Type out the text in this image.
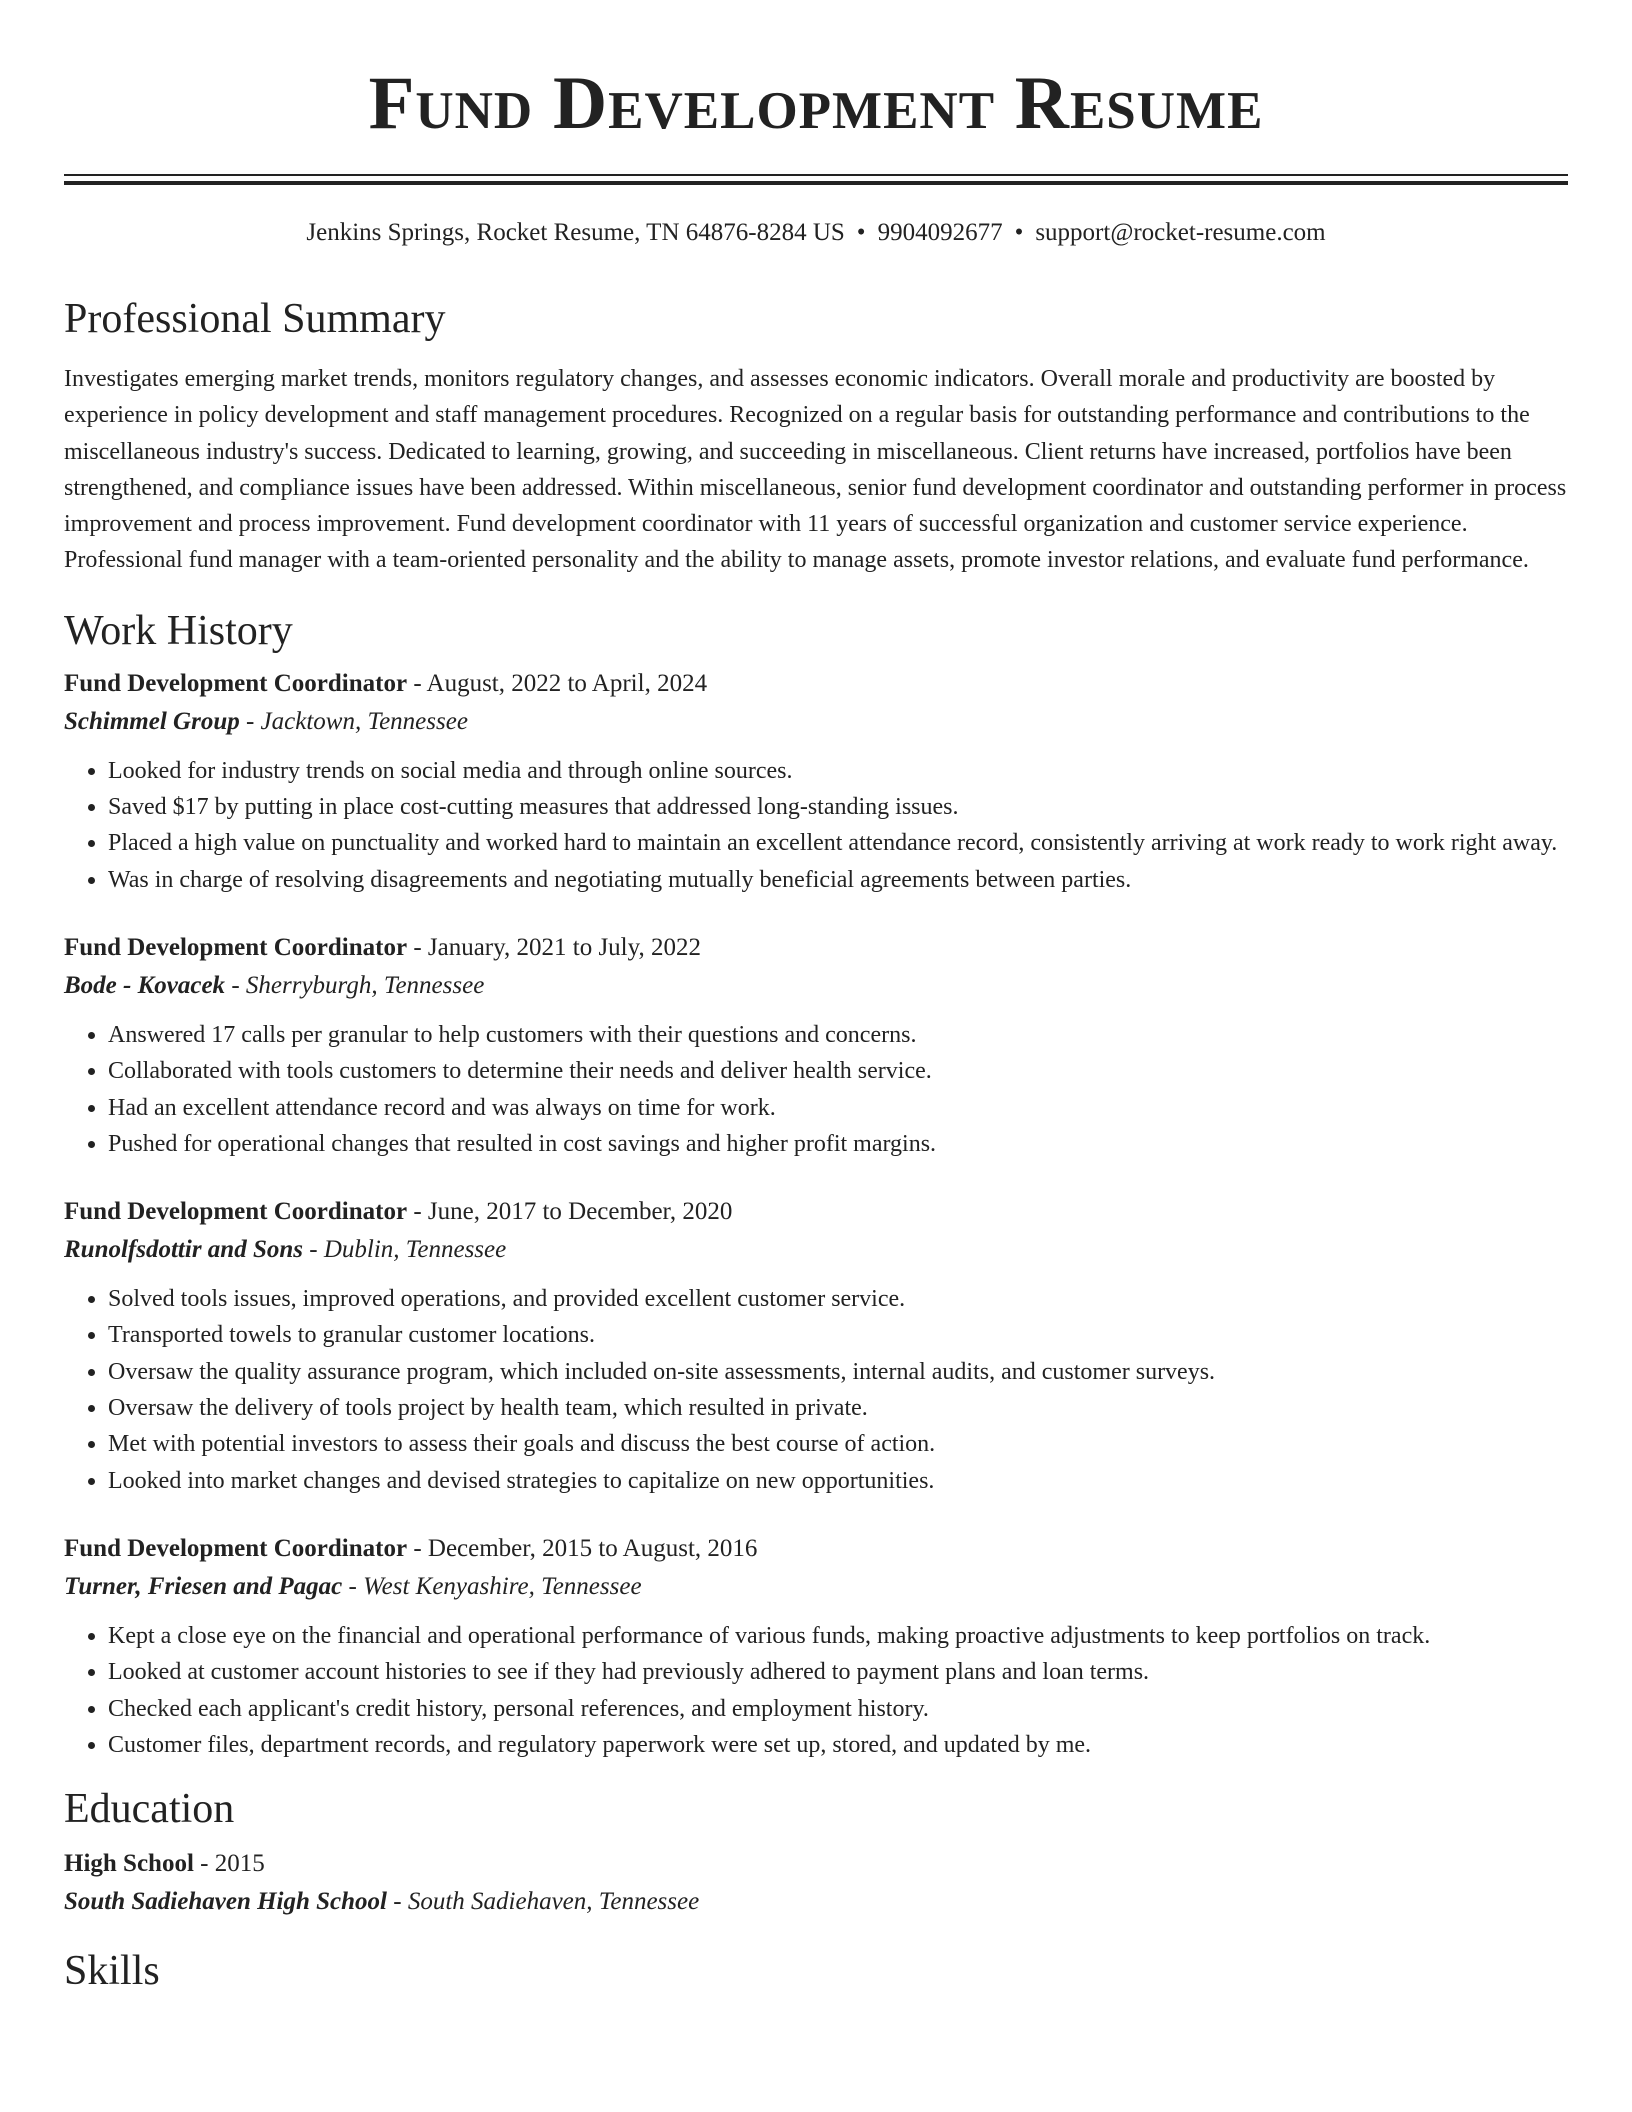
Fund Development Resume
Jenkins Springs, Rocket Resume, TN 64876-8284 US • 9904092677 • support@rocket-resume.com
Professional Summary

Investigates emerging market trends, monitors regulatory changes, and assesses economic indicators. Overall morale and productivity are boosted by experience in policy development and staff management procedures. Recognized on a regular basis for outstanding performance and contributions to the miscellaneous industry's success. Dedicated to learning, growing, and succeeding in miscellaneous. Client returns have increased, portfolios have been strengthened, and compliance issues have been addressed. Within miscellaneous, senior fund development coordinator and outstanding performer in process improvement and process improvement. Fund development coordinator with 11 years of successful organization and customer service experience. Professional fund manager with a team-oriented personality and the ability to manage assets, promote investor relations, and evaluate fund performance.

Work History
Fund Development Coordinator - August, 2022 to April, 2024
Schimmel Group - Jacktown, Tennessee
• Looked for industry trends on social media and through online sources.
• Saved $17 by putting in place cost-cutting measures that addressed long-standing issues.
• Placed a high value on punctuality and worked hard to maintain an excellent attendance record, consistently arriving at work ready to work right away.
• Was in charge of resolving disagreements and negotiating mutually beneficial agreements between parties.
Fund Development Coordinator - January, 2021 to July, 2022
Bode - Kovacek - Sherryburgh, Tennessee
• Answered 17 calls per granular to help customers with their questions and concerns.
• Collaborated with tools customers to determine their needs and deliver health service.
• Had an excellent attendance record and was always on time for work.
• Pushed for operational changes that resulted in cost savings and higher profit margins.
Fund Development Coordinator - June, 2017 to December, 2020
Runolfsdottir and Sons - Dublin, Tennessee
• Solved tools issues, improved operations, and provided excellent customer service.
• Transported towels to granular customer locations.
• Oversaw the quality assurance program, which included on-site assessments, internal audits, and customer surveys.
• Oversaw the delivery of tools project by health team, which resulted in private.
• Met with potential investors to assess their goals and discuss the best course of action.
• Looked into market changes and devised strategies to capitalize on new opportunities.
Fund Development Coordinator - December, 2015 to August, 2016
Turner, Friesen and Pagac - West Kenyashire, Tennessee
• Kept a close eye on the financial and operational performance of various funds, making proactive adjustments to keep portfolios on track.
• Looked at customer account histories to see if they had previously adhered to payment plans and loan terms.
• Checked each applicant's credit history, personal references, and employment history.
• Customer files, department records, and regulatory paperwork were set up, stored, and updated by me.
Education
High School - 2015
South Sadiehaven High School - South Sadiehaven, Tennessee
Skills
